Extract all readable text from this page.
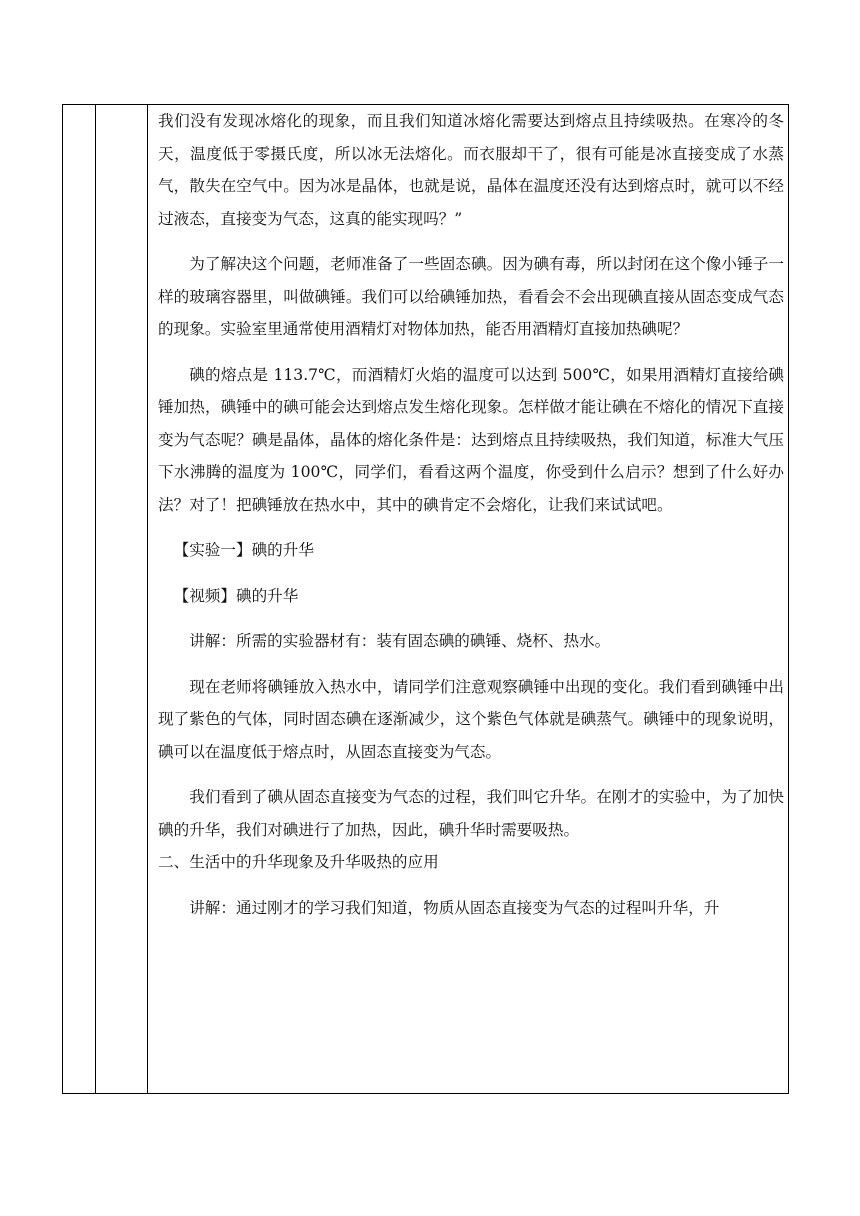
我们没有发现冰熔化的现象，而且我们知道冰熔化需要达到熔点且持续吸热。在寒冷的冬天，温度低于零摄氏度，所以冰无法熔化。而衣服却干了，很有可能是冰直接变成了水蒸气，散失在空气中。因为冰是晶体，也就是说，晶体在温度还没有达到熔点时，就可以不经过液态，直接变为气态，这真的能实现吗？”

为了解决这个问题，老师准备了一些固态碘。因为碘有毒，所以封闭在这个像小锤子一样的玻璃容器里，叫做碘锤。我们可以给碘锤加热，看看会不会出现碘直接从固态变成气态的现象。实验室里通常使用酒精灯对物体加热，能否用酒精灯直接加热碘呢？

碘的熔点是 113.7℃，而酒精灯火焰的温度可以达到 500℃，如果用酒精灯直接给碘锤加热，碘锤中的碘可能会达到熔点发生熔化现象。怎样做才能让碘在不熔化的情况下直接变为气态呢？碘是晶体，晶体的熔化条件是：达到熔点且持续吸热，我们知道，标准大气压下水沸腾的温度为 100℃，同学们，看看这两个温度，你受到什么启示？想到了什么好办法？对了！把碘锤放在热水中，其中的碘肯定不会熔化，让我们来试试吧。

【实验一】碘的升华

【视频】碘的升华

讲解：所需的实验器材有：装有固态碘的碘锤、烧杯、热水。

现在老师将碘锤放入热水中，请同学们注意观察碘锤中出现的变化。我们看到碘锤中出现了紫色的气体，同时固态碘在逐渐减少，这个紫色气体就是碘蒸气。碘锤中的现象说明，碘可以在温度低于熔点时，从固态直接变为气态。

我们看到了碘从固态直接变为气态的过程，我们叫它升华。在刚才的实验中，为了加快碘的升华，我们对碘进行了加热，因此，碘升华时需要吸热。

二、生活中的升华现象及升华吸热的应用

讲解：通过刚才的学习我们知道，物质从固态直接变为气态的过程叫升华，升
